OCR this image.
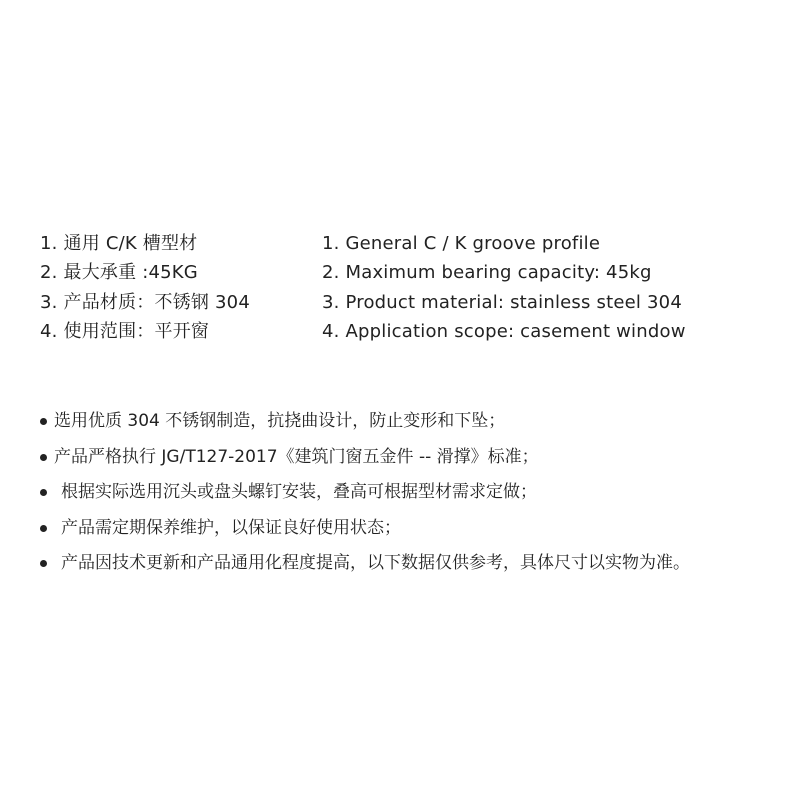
1. 通用 C/K 槽型材
2. 最大承重 :45KG
3. 产品材质：不锈钢 304
4. 使用范围：平开窗
1. General C / K groove profile
2. Maximum bearing capacity: 45kg
3. Product material: stainless steel 304
4. Application scope: casement window
选用优质 304 不锈钢制造，抗挠曲设计，防止变形和下坠；
产品严格执行 JG/T127-2017《建筑门窗五金件 -- 滑撑》标准；
根据实际选用沉头或盘头螺钉安装，叠高可根据型材需求定做；
产品需定期保养维护，以保证良好使用状态；
产品因技术更新和产品通用化程度提高，以下数据仅供参考，具体尺寸以实物为准。
